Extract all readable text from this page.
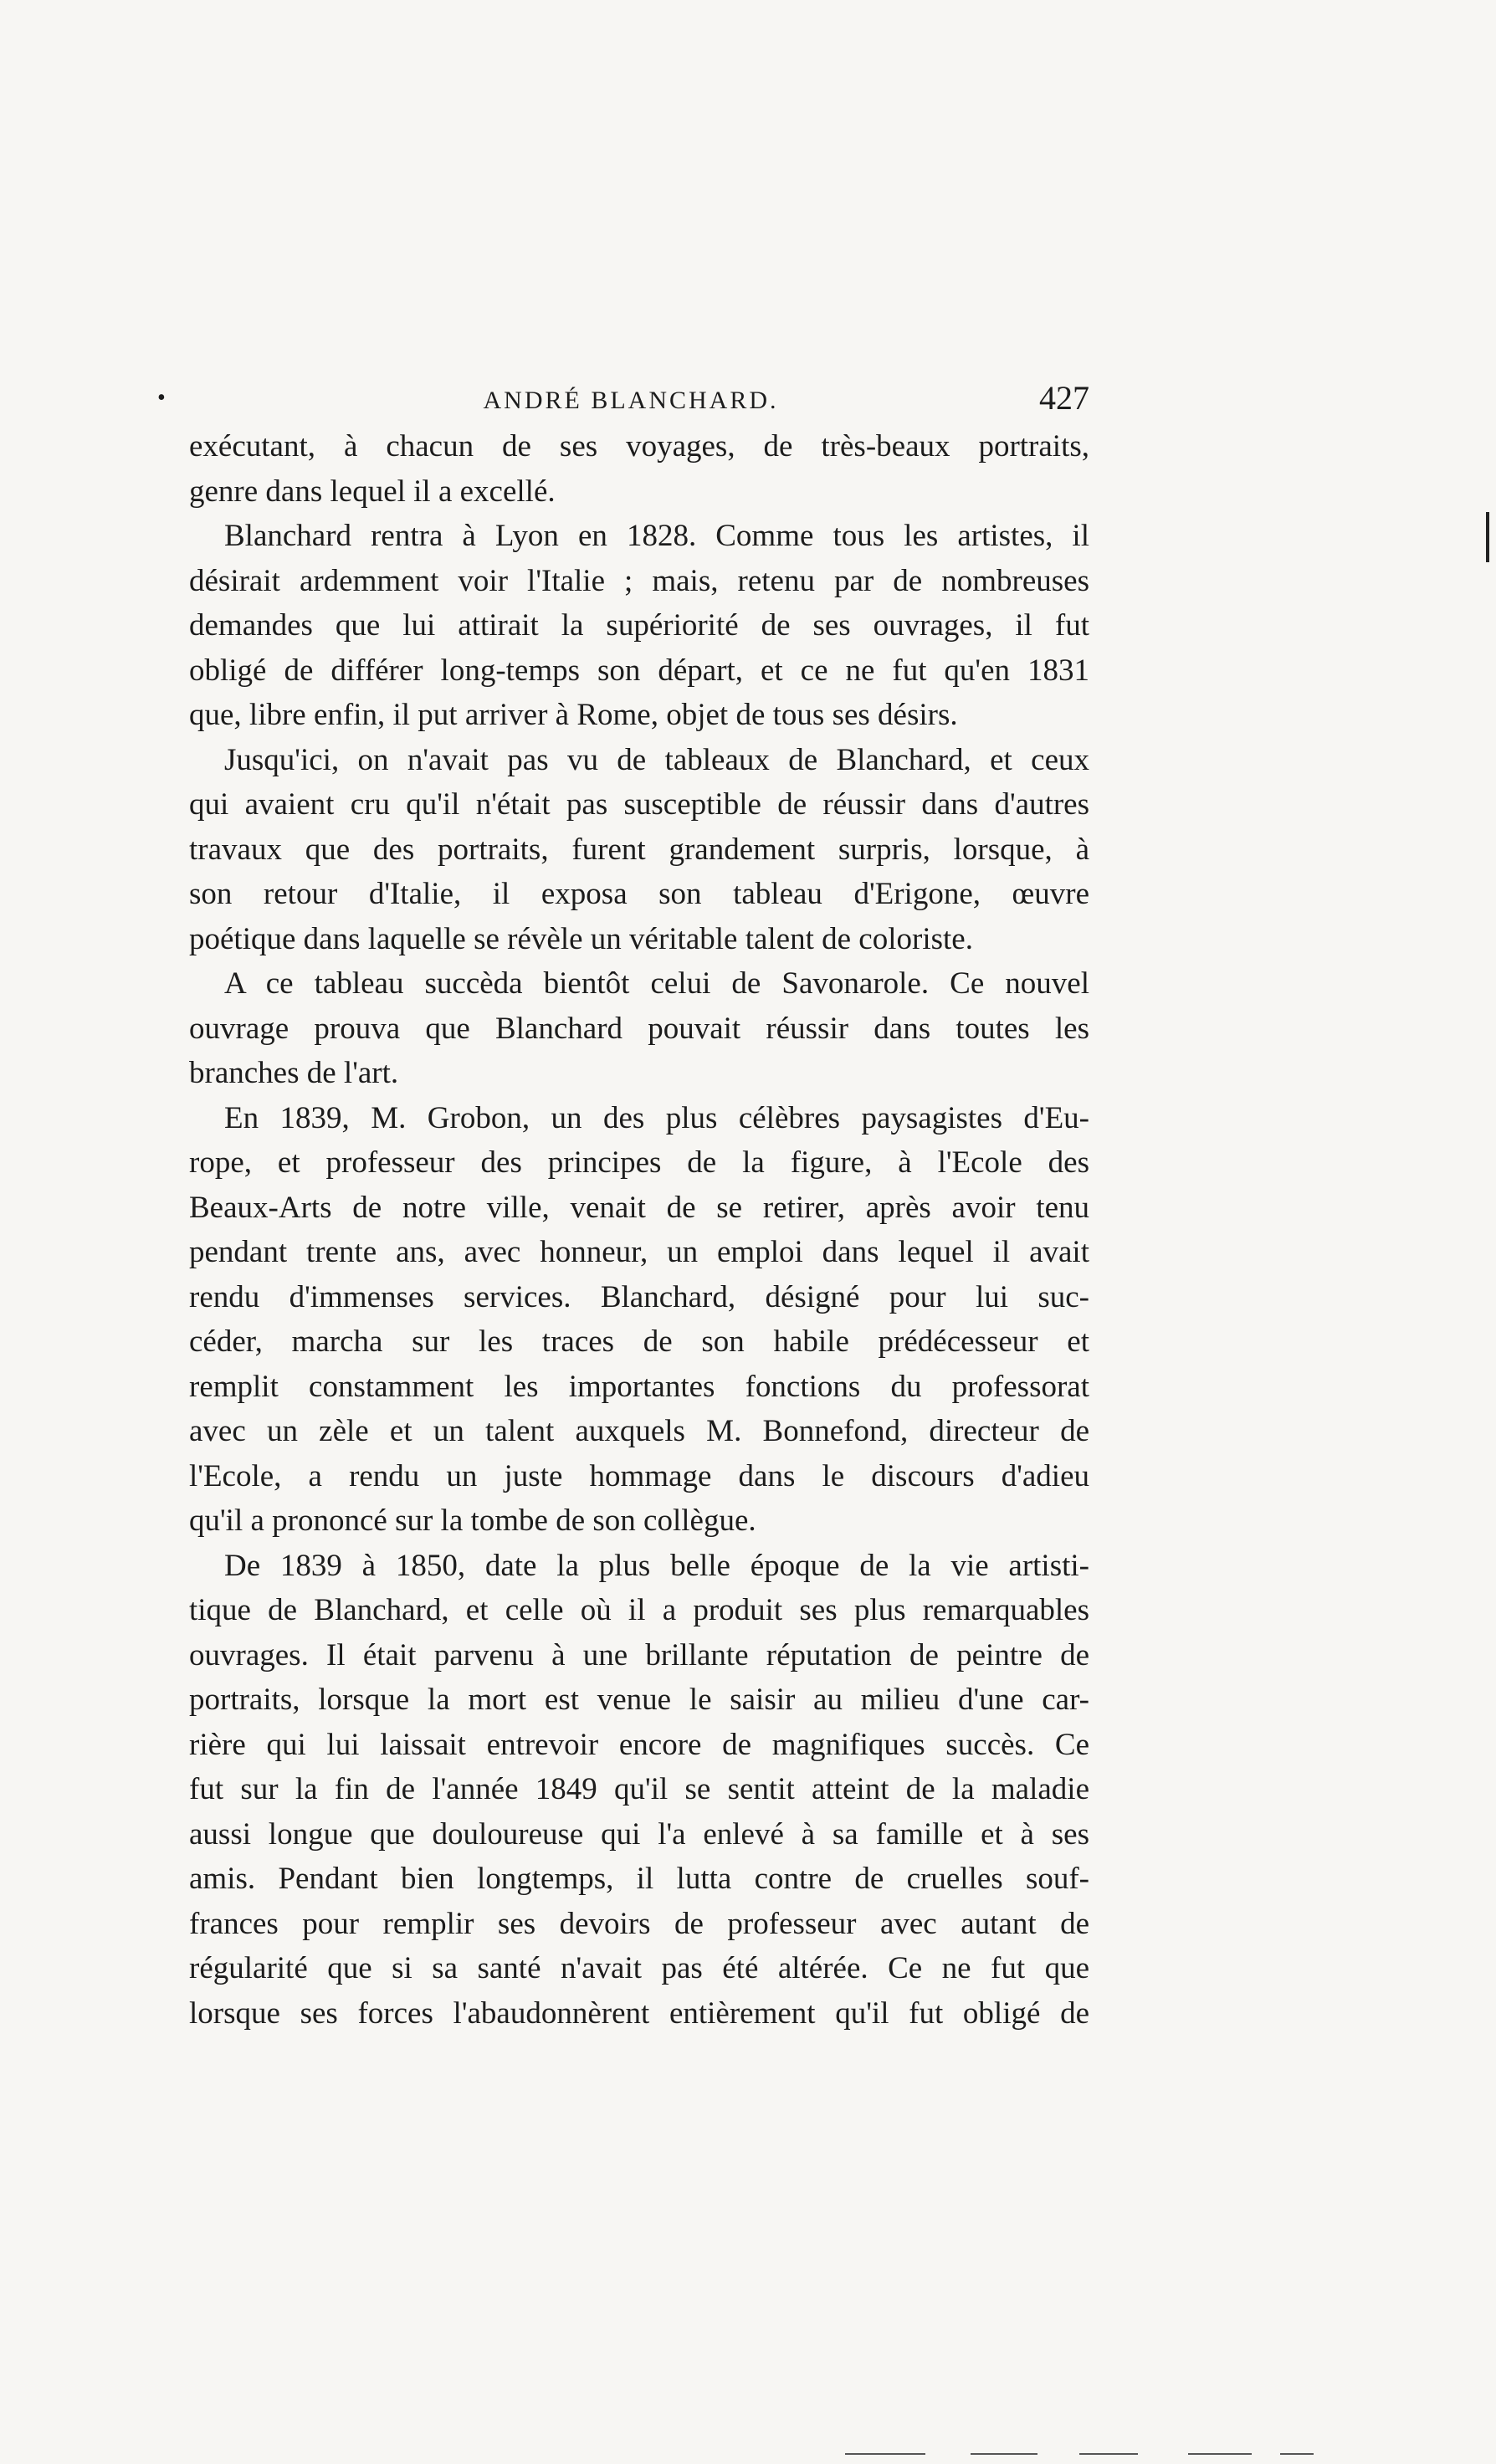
•	ANDRÉ BLANCHARD.	427
exécutant, à chacun de ses voyages, de très-beaux portraits,
genre dans lequel il a excellé.
Blanchard rentra à Lyon en 1828. Comme tous les artistes, il
désirait ardemment voir l'Italie ; mais, retenu par de nombreuses
demandes que lui attirait la supériorité de ses ouvrages, il fut
obligé de différer long-temps son départ, et ce ne fut qu'en 1831
que, libre enfin, il put arriver à Rome, objet de tous ses désirs.
Jusqu'ici, on n'avait pas vu de tableaux de Blanchard, et ceux
qui avaient cru qu'il n'était pas susceptible de réussir dans d'autres
travaux que des portraits, furent grandement surpris, lorsque, à
son retour d'Italie, il exposa son tableau d'Erigone, œuvre
poétique dans laquelle se révèle un véritable talent de coloriste.
A ce tableau succèda bientôt celui de Savonarole. Ce nouvel
ouvrage prouva que Blanchard pouvait réussir dans toutes les
branches de l'art.
En 1839, M. Grobon, un des plus célèbres paysagistes d'Eu-
rope, et professeur des principes de la figure, à l'Ecole des
Beaux-Arts de notre ville, venait de se retirer, après avoir tenu
pendant trente ans, avec honneur, un emploi dans lequel il avait
rendu d'immenses services. Blanchard, désigné pour lui suc-
céder, marcha sur les traces de son habile prédécesseur et
remplit constamment les importantes fonctions du professorat
avec un zèle et un talent auxquels M. Bonnefond, directeur de
l'Ecole, a rendu un juste hommage dans le discours d'adieu
qu'il a prononcé sur la tombe de son collègue.
De 1839 à 1850, date la plus belle époque de la vie artisti-
tique de Blanchard, et celle où il a produit ses plus remarquables
ouvrages. Il était parvenu à une brillante réputation de peintre de
portraits, lorsque la mort est venue le saisir au milieu d'une car-
rière qui lui laissait entrevoir encore de magnifiques succès. Ce
fut sur la fin de l'année 1849 qu'il se sentit atteint de la maladie
aussi longue que douloureuse qui l'a enlevé à sa famille et à ses
amis. Pendant bien longtemps, il lutta contre de cruelles souf-
frances pour remplir ses devoirs de professeur avec autant de
régularité que si sa santé n'avait pas été altérée. Ce ne fut que
lorsque ses forces l'abaudonnèrent entièrement qu'il fut obligé de
